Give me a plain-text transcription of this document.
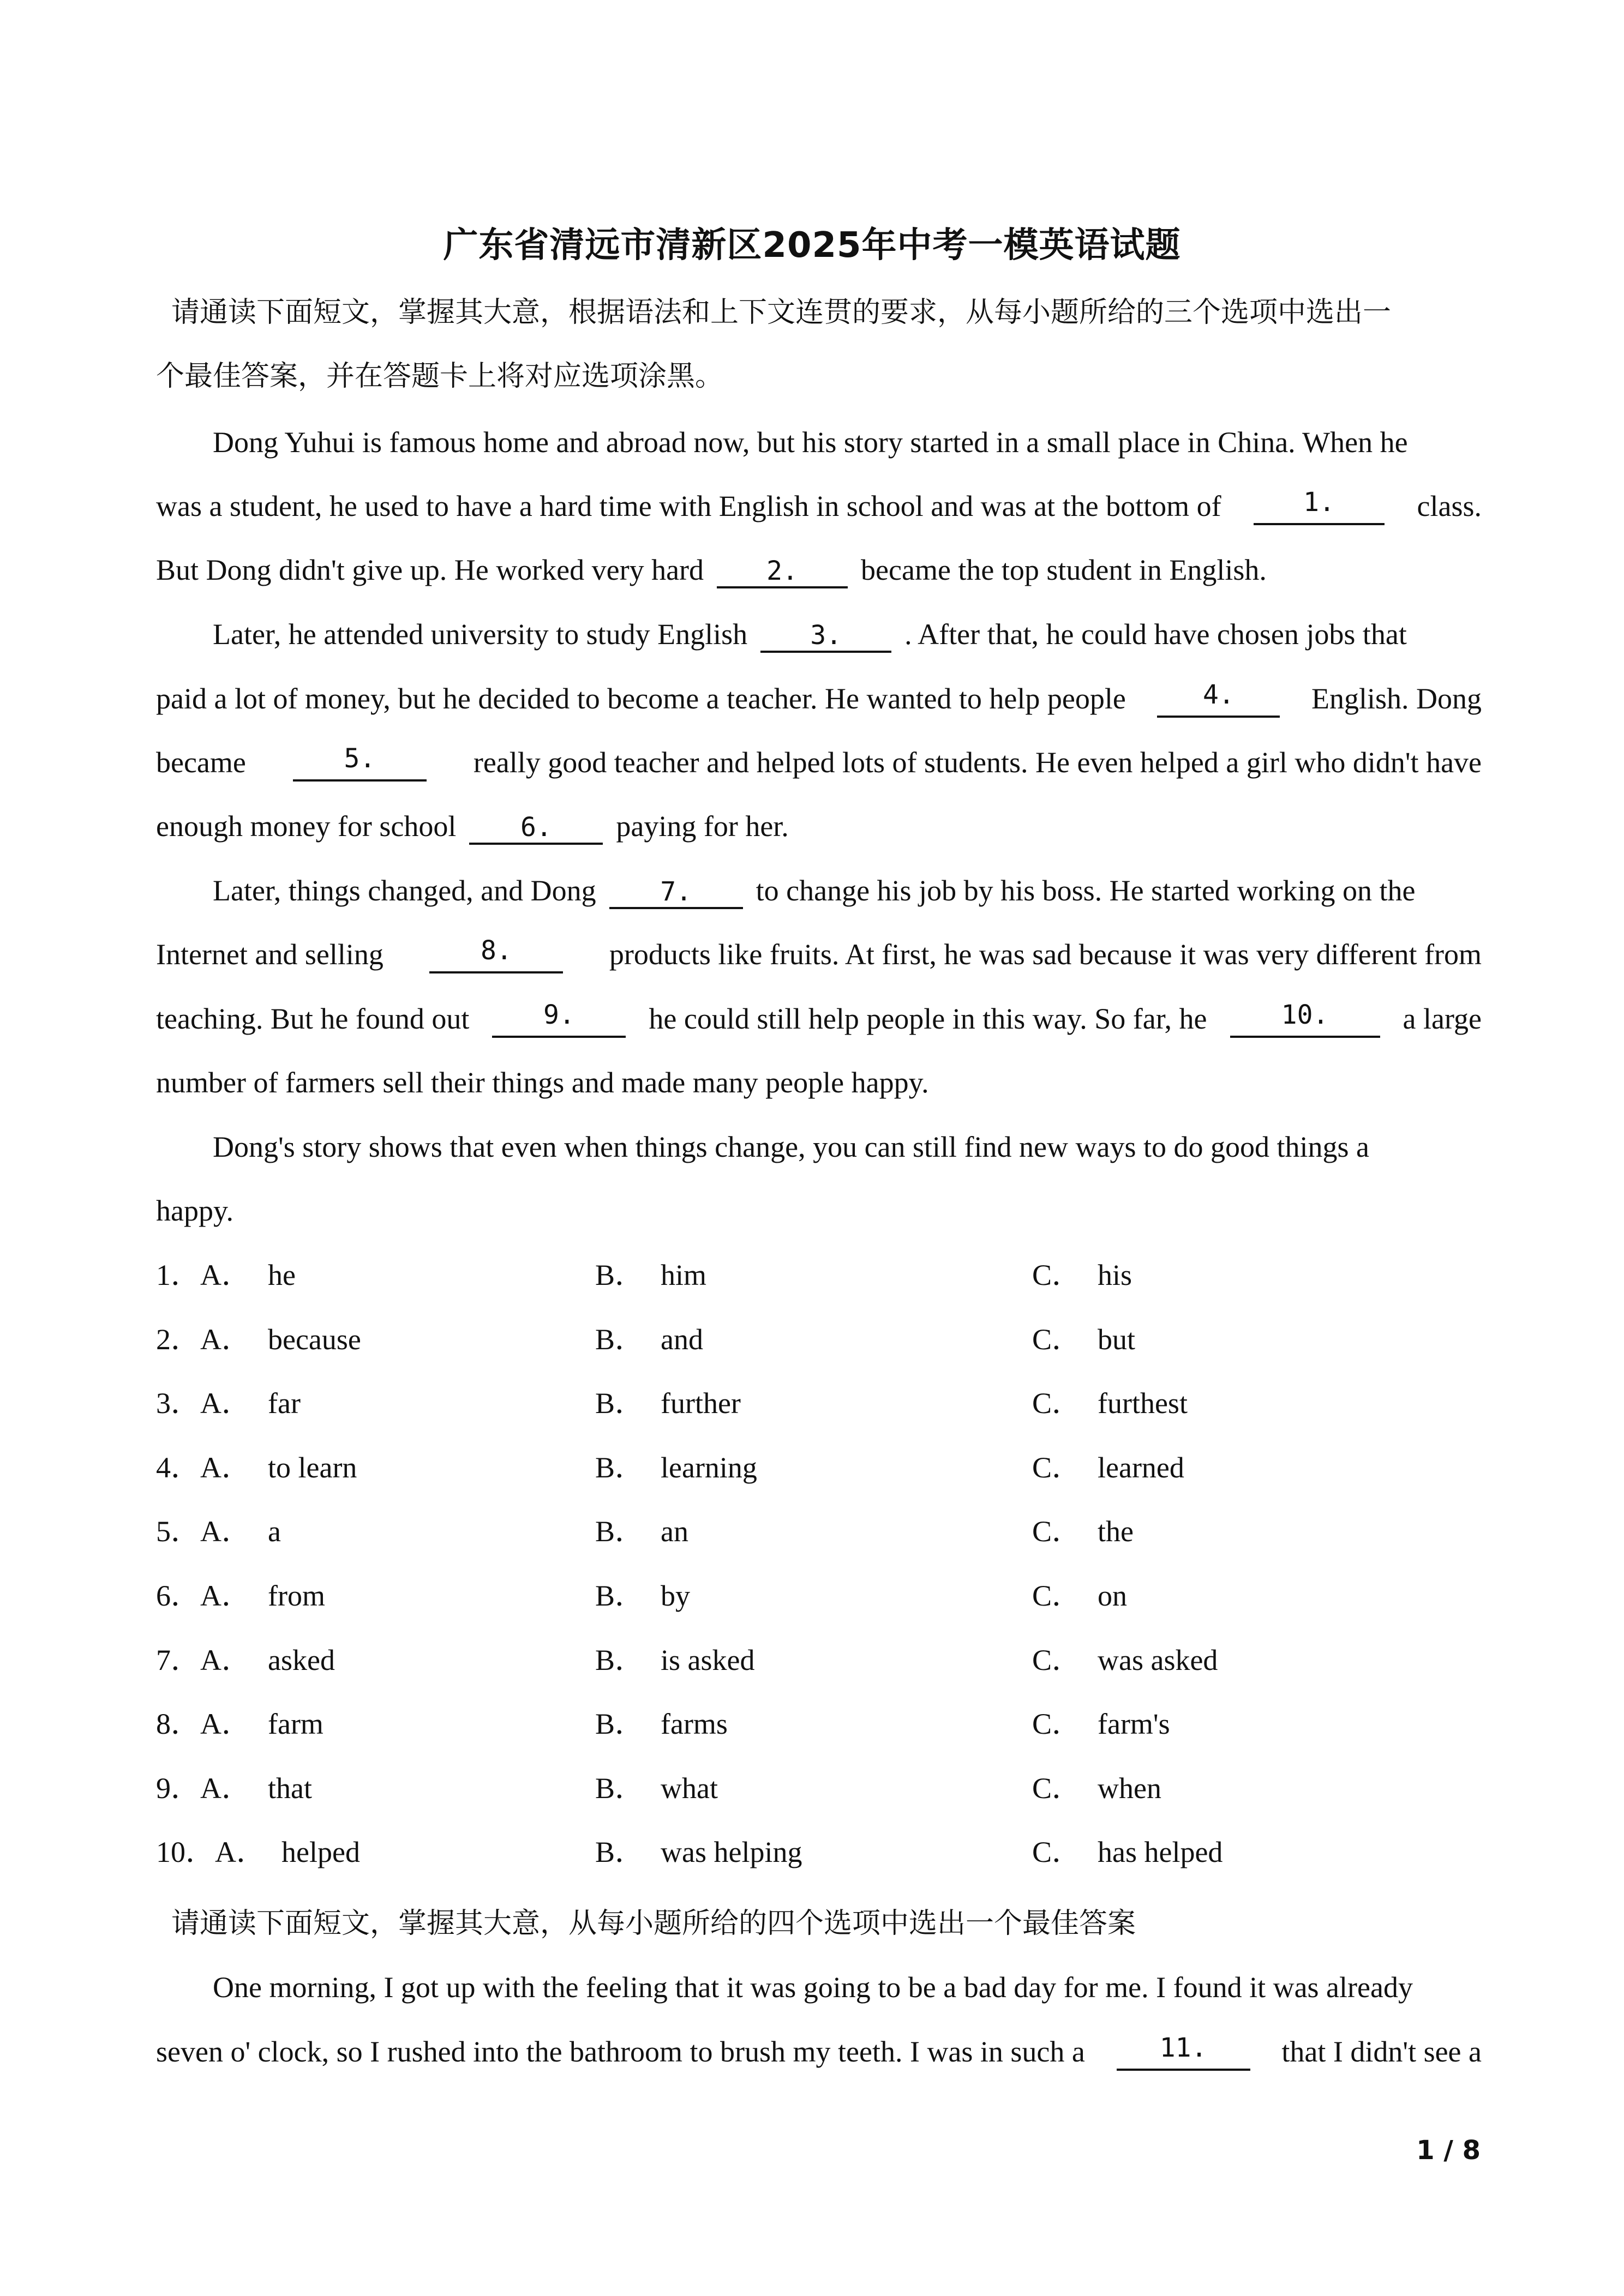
广东省清远市清新区2025年中考一模英语试题
请通读下面短文，掌握其大意，根据语法和上下文连贯的要求，从每小题所给的三个选项中选出一
个最佳答案，并在答题卡上将对应选项涂黑。
Dong Yuhui is famous home and abroad now, but his story started in a small place in China. When he
was a student, he used to have a hard time with English in school and was at the bottom of	1.	class.
But Dong didn't give up. He worked very hard 2. became the top student in English.
Later, he attended university to study English 3. . After that, he could have chosen jobs that
paid a lot of money, but he decided to become a teacher. He wanted to help people	4.	English. Dong
became	5.	really good teacher and helped lots of students. He even helped a girl who didn't have
enough money for school 6. paying for her.
Later, things changed, and Dong 7. to change his job by his boss. He started working on the
Internet and selling	8.	products like fruits. At first, he was sad because it was very different from
teaching. But he found out	9.	he could still help people in this way. So far, he	10.	a large
number of farmers sell their things and made many people happy.
Dong's story shows that even when things change, you can still find new ways to do good things a
happy.
1．A． he	B． him	C． his
2．A． because	B． and	C． but
3．A． far	B． further	C． furthest
4．A． to learn	B． learning	C． learned
5．A． a	B． an	C． the
6．A． from	B． by	C． on
7．A． asked	B． is asked	C． was asked
8．A． farm	B． farms	C． farm's
9．A． that	B． what	C． when
10．A． helped	B． was helping	C． has helped
请通读下面短文，掌握其大意，从每小题所给的四个选项中选出一个最佳答案
One morning, I got up with the feeling that it was going to be a bad day for me. I found it was already
seven o' clock, so I rushed into the bathroom to brush my teeth. I was in such a	11.	that I didn't see a
1 / 8
